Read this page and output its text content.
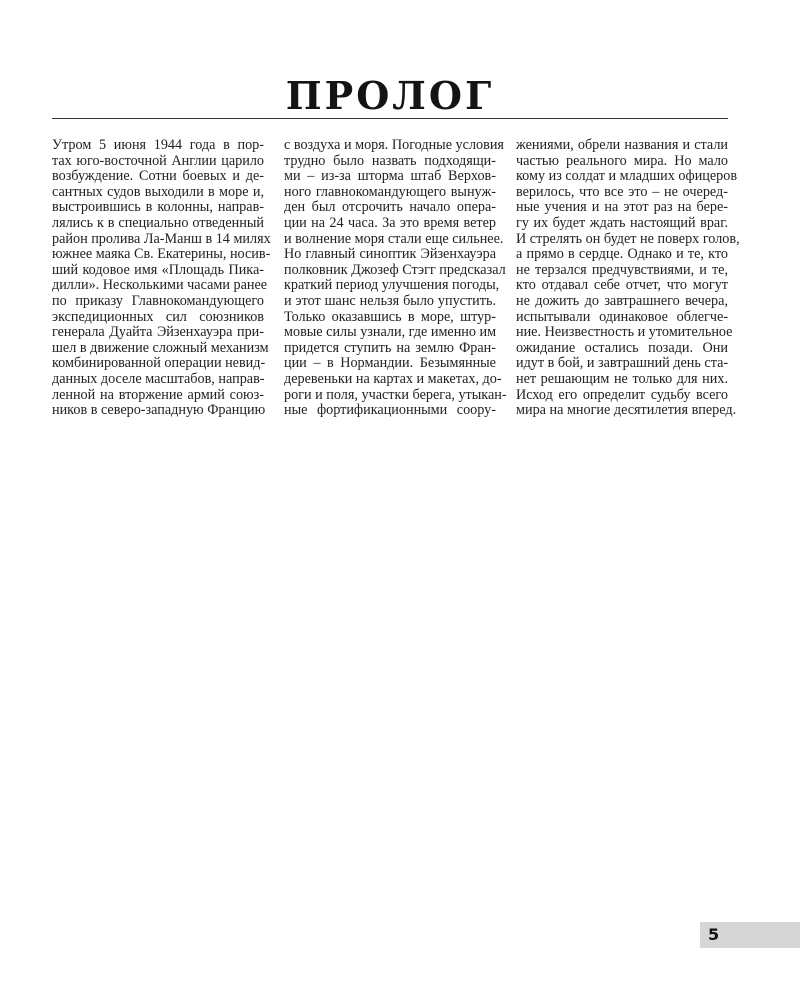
ПРОЛОГ
Утром 5 июня 1944 года в пор-
тах юго-восточной Англии царило
возбуждение. Сотни боевых и де-
сантных судов выходили в море и,
выстроившись в колонны, направ-
лялись к в специально отведенный
район пролива Ла-Манш в 14 милях
южнее маяка Св. Екатерины, носив-
ший кодовое имя «Площадь Пика-
дилли». Несколькими часами ранее
по приказу Главнокомандующего
экспедиционных сил союзников
генерала Дуайта Эйзенхауэра при-
шел в движение сложный механизм
комбинированной операции невид-
данных доселе масштабов, направ-
ленной на вторжение армий союз-
ников в северо-западную Францию
с воздуха и моря. Погодные условия
трудно было назвать подходящи-
ми – из-за шторма штаб Верхов-
ного главнокомандующего вынуж-
ден был отсрочить начало опера-
ции на 24 часа. За это время ветер
и волнение моря стали еще сильнее.
Но главный синоптик Эйзенхауэра
полковник Джозеф Стэгг предсказал
краткий период улучшения погоды,
и этот шанс нельзя было упустить.
Только оказавшись в море, штур-
мовые силы узнали, где именно им
придется ступить на землю Фран-
ции – в Нормандии. Безымянные
деревеньки на картах и макетах, до-
роги и поля, участки берега, утыкан-
ные фортификационными соору-
жениями, обрели названия и стали
частью реального мира. Но мало
кому из солдат и младших офицеров
верилось, что все это – не очеред-
ные учения и на этот раз на бере-
гу их будет ждать настоящий враг.
И стрелять он будет не поверх голов,
а прямо в сердце. Однако и те, кто
не терзался предчувствиями, и те,
кто отдавал себе отчет, что могут
не дожить до завтрашнего вечера,
испытывали одинаковое облегче-
ние. Неизвестность и утомительное
ожидание остались позади. Они
идут в бой, и завтрашний день ста-
нет решающим не только для них.
Исход его определит судьбу всего
мира на многие десятилетия вперед.
5
